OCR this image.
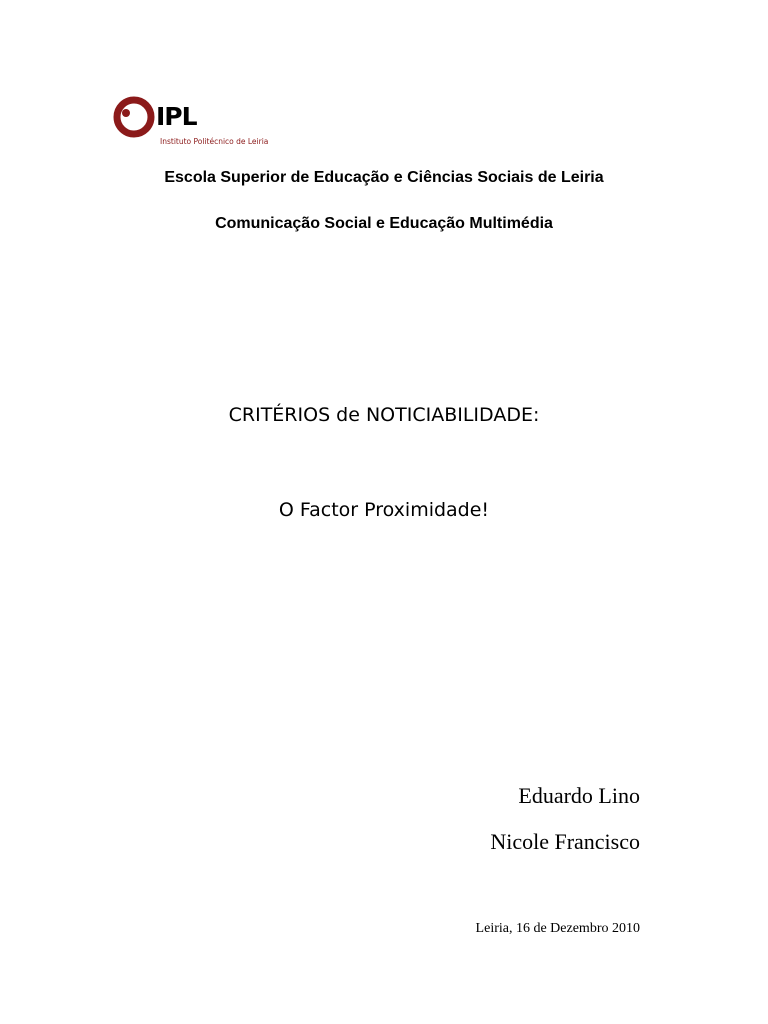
IPL
Instituto Politécnico de Leiria
Escola Superior de Educação e Ciências Sociais de Leiria
Comunicação Social e Educação Multimédia
CRITÉRIOS de NOTICIABILIDADE:
O Factor Proximidade!
Eduardo Lino
Nicole Francisco
Leiria, 16 de Dezembro 2010
